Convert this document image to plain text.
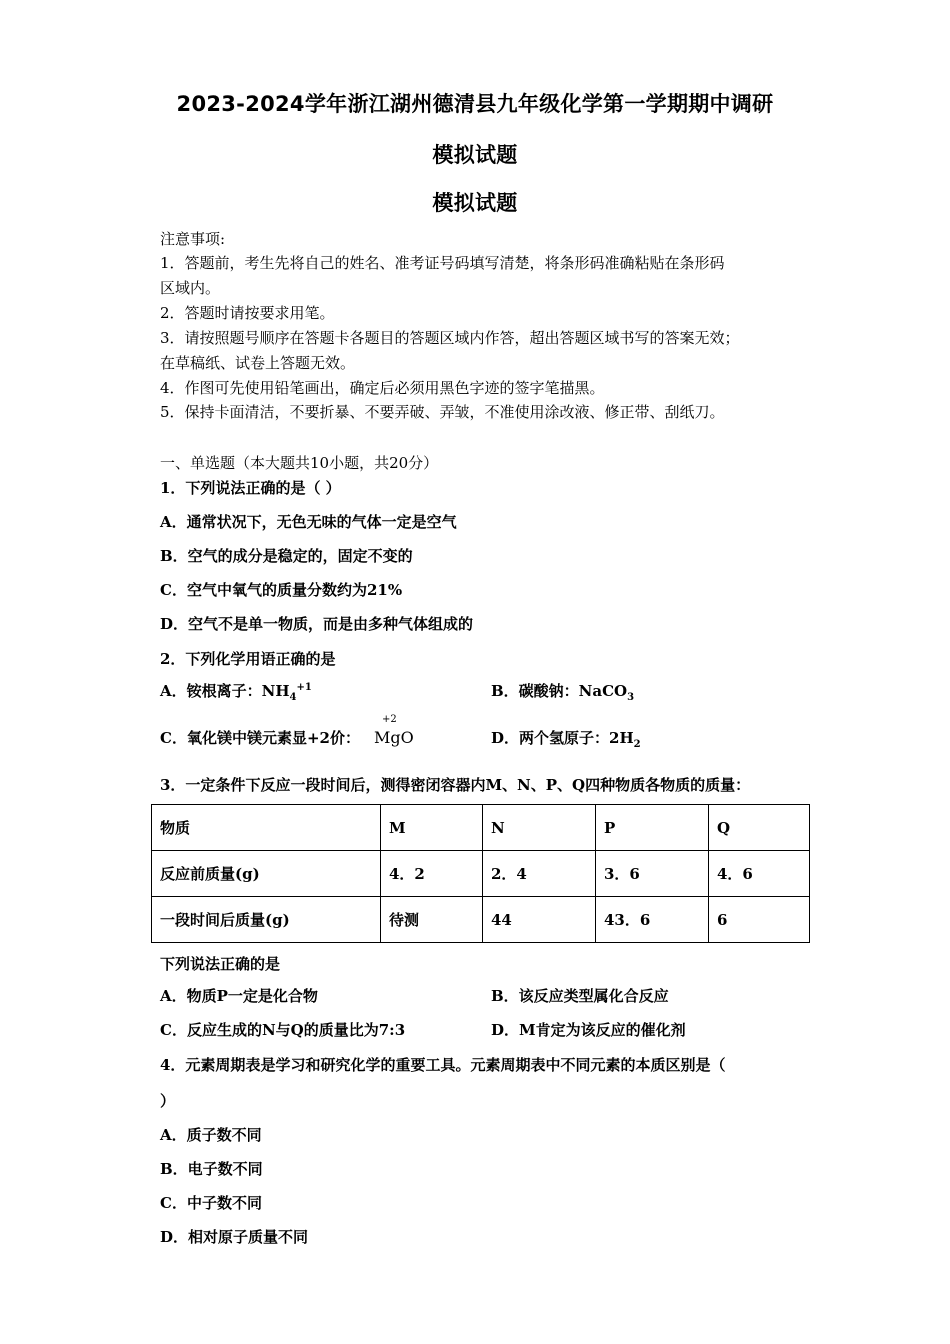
2023-2024学年浙江湖州德清县九年级化学第一学期期中调研
模拟试题
模拟试题
注意事项:
1．答题前，考生先将自己的姓名、准考证号码填写清楚，将条形码准确粘贴在条形码
区域内。
2．答题时请按要求用笔。
3．请按照题号顺序在答题卡各题目的答题区域内作答，超出答题区域书写的答案无效；
在草稿纸、试卷上答题无效。
4．作图可先使用铅笔画出，确定后必须用黑色字迹的签字笔描黑。
5．保持卡面清洁，不要折暴、不要弄破、弄皱，不准使用涂改液、修正带、刮纸刀。
一、单选题（本大题共10小题，共20分）
1．下列说法正确的是（ ）
A．通常状况下，无色无味的气体一定是空气
B．空气的成分是稳定的，固定不变的
C．空气中氧气的质量分数约为21%
D．空气不是单一物质，而是由多种气体组成的
2．下列化学用语正确的是
A．铵根离子：$NH_4^{+1}$	B．碳酸钠：NaCO$_3$
C．氧化镁中镁元素显+2价：
+2
MgO	D．两个氢原子：$2H_2$
3．一定条件下反应一段时间后，测得密闭容器内M、N、P、Q四种物质各物质的质量：
物质	M	N	P	Q
反应前质量(g)	4．2	2．4	3．6	4．6
一段时间后质量(g)	待测	44	43．6	6
下列说法正确的是
A．物质P一定是化合物	B．该反应类型属化合反应
C．反应生成的N与Q的质量比为7:3	D．M肯定为该反应的催化剂
4．元素周期表是学习和研究化学的重要工具。元素周期表中不同元素的本质区别是（
）
A．质子数不同
B．电子数不同
C．中子数不同
D．相对原子质量不同
